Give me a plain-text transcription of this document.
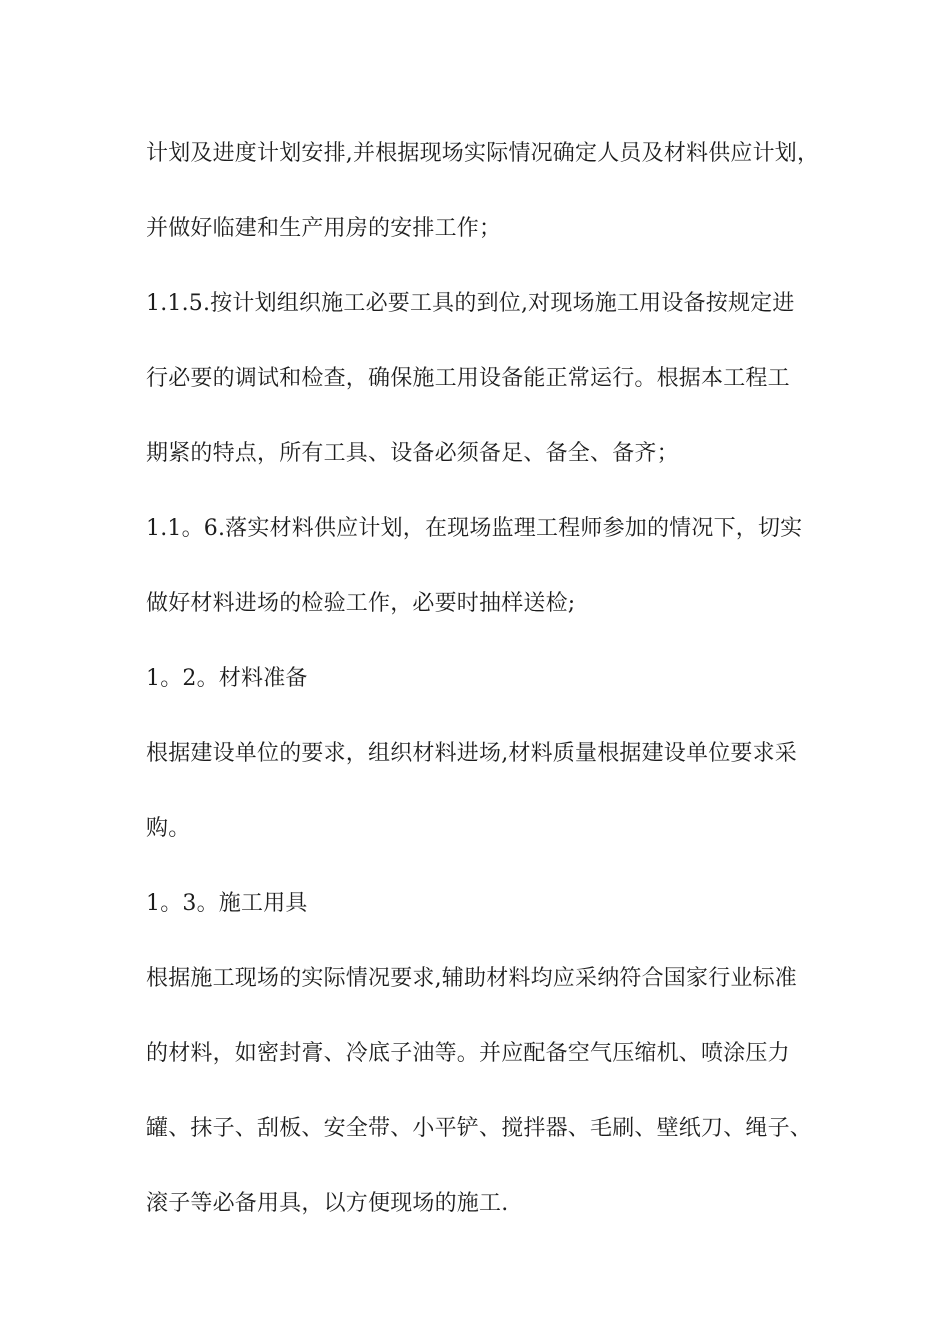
计划及进度计划安排,并根据现场实际情况确定人员及材料供应计划，
并做好临建和生产用房的安排工作；
1.1.5.按计划组织施工必要工具的到位,对现场施工用设备按规定进
行必要的调试和检查，确保施工用设备能正常运行。根据本工程工
期紧的特点，所有工具、设备必须备足、备全、备齐；
1.1。6.落实材料供应计划，在现场监理工程师参加的情况下，切实
做好材料进场的检验工作，必要时抽样送检;
1。2。材料准备
根据建设单位的要求，组织材料进场,材料质量根据建设单位要求采
购。
1。3。施工用具
根据施工现场的实际情况要求,辅助材料均应采纳符合国家行业标准
的材料，如密封膏、冷底子油等。并应配备空气压缩机、喷涂压力
罐、抹子、刮板、安全带、小平铲、搅拌器、毛刷、壁纸刀、绳子、
滚子等必备用具，以方便现场的施工.
